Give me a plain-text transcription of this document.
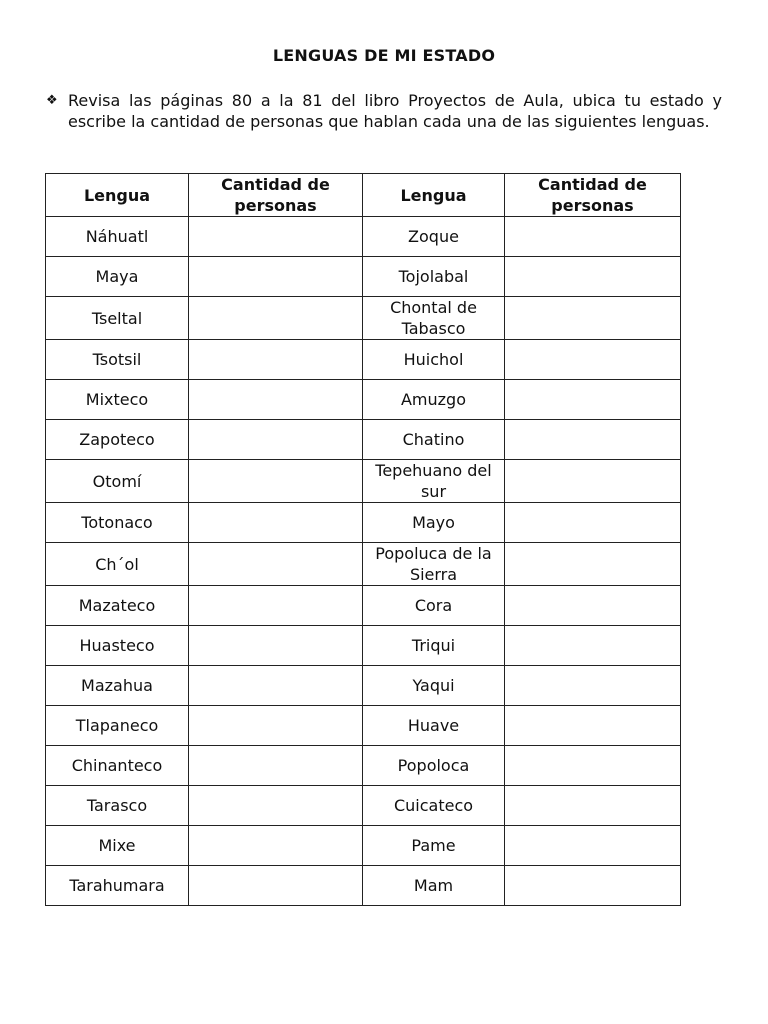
LENGUAS DE MI ESTADO
❖ Revisa las páginas 80 a la 81 del libro Proyectos de Aula, ubica tu estado y escribe la cantidad de personas que hablan cada una de las siguientes lenguas.
Lengua	Cantidad de personas	Lengua	Cantidad de personas
Náhuatl		Zoque	
Maya		Tojolabal	
Tseltal		Chontal de Tabasco	
Tsotsil		Huichol	
Mixteco		Amuzgo	
Zapoteco		Chatino	
Otomí		Tepehuano del sur	
Totonaco		Mayo	
Ch´ol		Popoluca de la Sierra	
Mazateco		Cora	
Huasteco		Triqui	
Mazahua		Yaqui	
Tlapaneco		Huave	
Chinanteco		Popoloca	
Tarasco		Cuicateco	
Mixe		Pame	
Tarahumara		Mam	
